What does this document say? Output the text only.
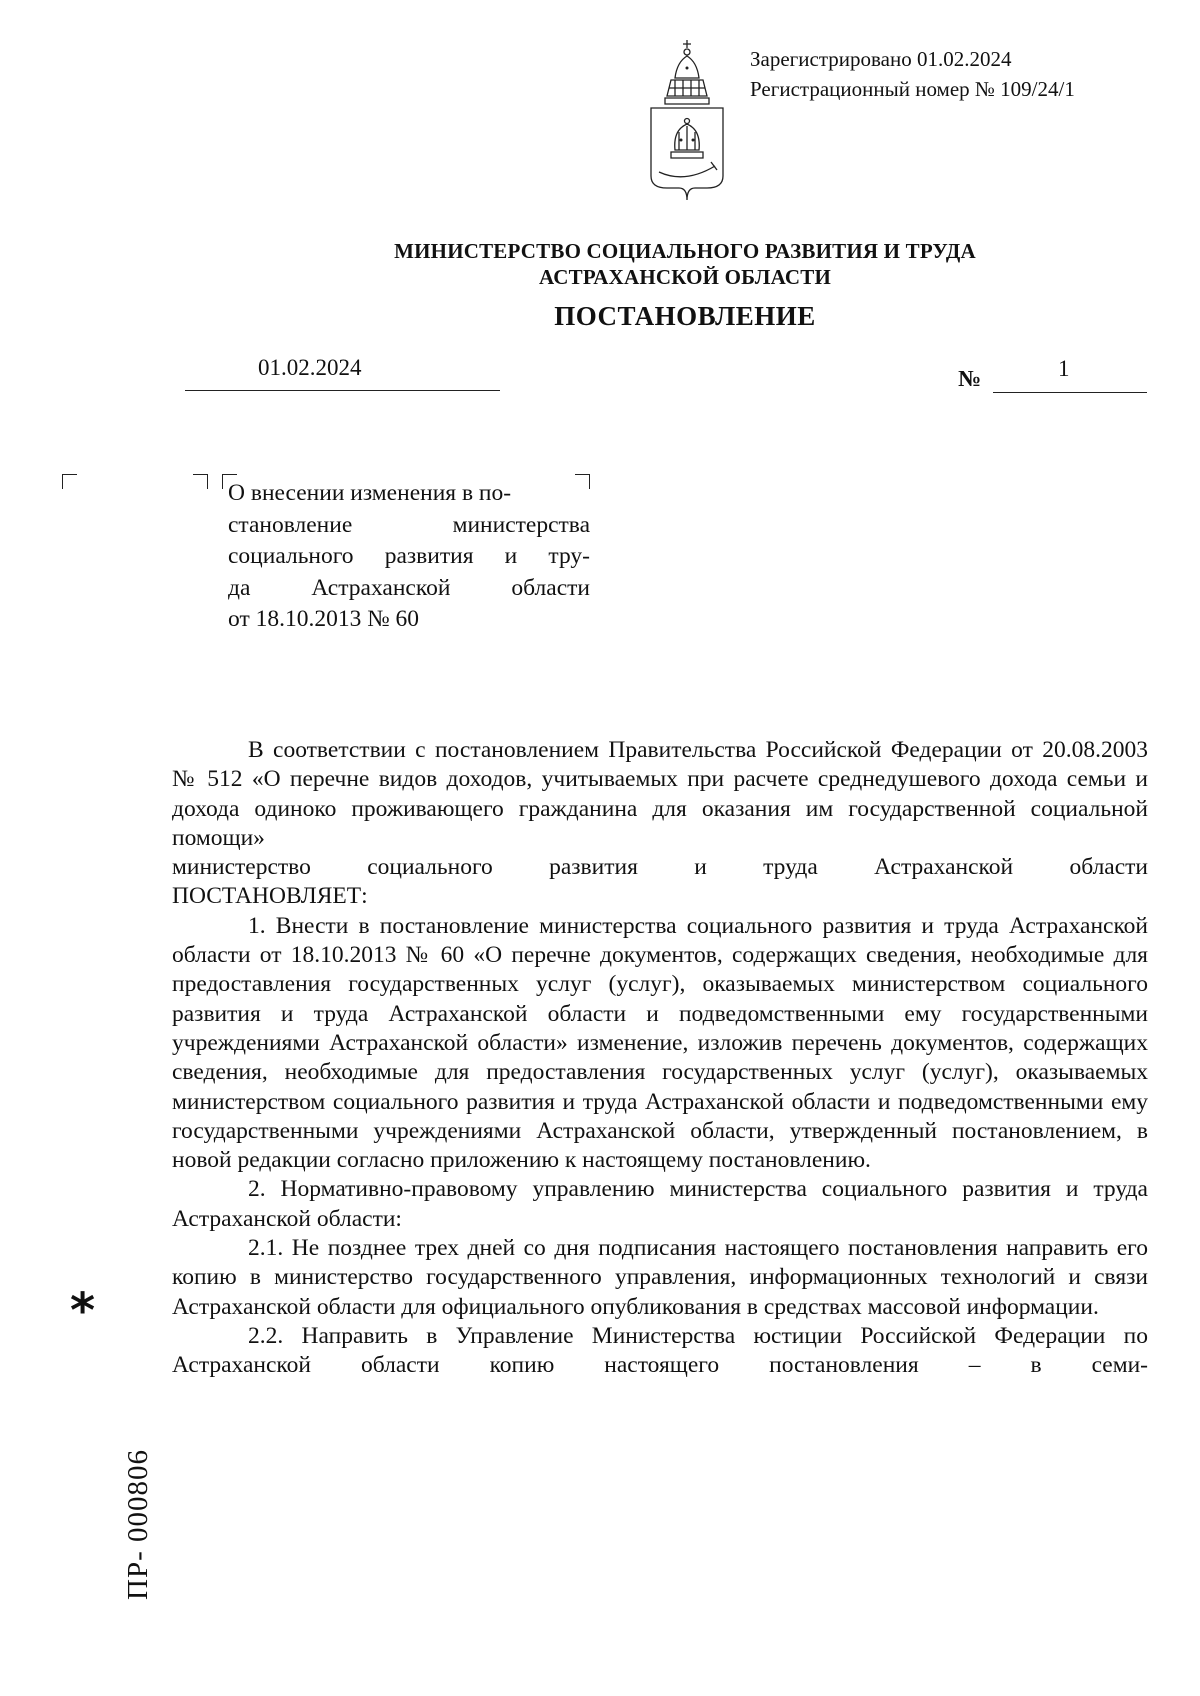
Зарегистрировано 01.02.2024
Регистрационный номер № 109/24/1
МИНИСТЕРСТВО СОЦИАЛЬНОГО РАЗВИТИЯ И ТРУДА
АСТРАХАНСКОЙ ОБЛАСТИ
ПОСТАНОВЛЕНИЕ
01.02.2024	№	1

О внесении изменения в по-

становление министерства

социального развития и тру-

да Астраханской области

от 18.10.2013 № 60

В соответствии с постановлением Правительства Российской Федерации от 20.08.2003 № 512 «О перечне видов доходов, учитываемых при расчете среднедушевого дохода семьи и дохода одиноко проживающего гражданина для оказания им государственной социальной помощи»

министерство социального развития и труда Астраханской области

ПОСТАНОВЛЯЕТ:

1. Внести в постановление министерства социального развития и труда Астраханской области от 18.10.2013 № 60 «О перечне документов, содержащих сведения, необходимые для предоставления государственных услуг (услуг), оказываемых министерством социального развития и труда Астраханской области и подведомственными ему государственными учреждениями Астраханской области» изменение, изложив перечень документов, содержащих сведения, необходимые для предоставления государственных услуг (услуг), оказываемых министерством социального развития и труда Астраханской области и подведомственными ему государственными учреждениями Астраханской области, утвержденный постановлением, в новой редакции согласно приложению к настоящему постановлению.

2. Нормативно-правовому управлению министерства социального развития и труда Астраханской области:

2.1. Не позднее трех дней со дня подписания настоящего постановления направить его копию в министерство государственного управления, информационных технологий и связи Астраханской области для официального опубликования в средствах массовой информации.

2.2. Направить в Управление Министерства юстиции Российской Федерации по Астраханской области копию настоящего постановления – в семи-

*
ПР- 000806
